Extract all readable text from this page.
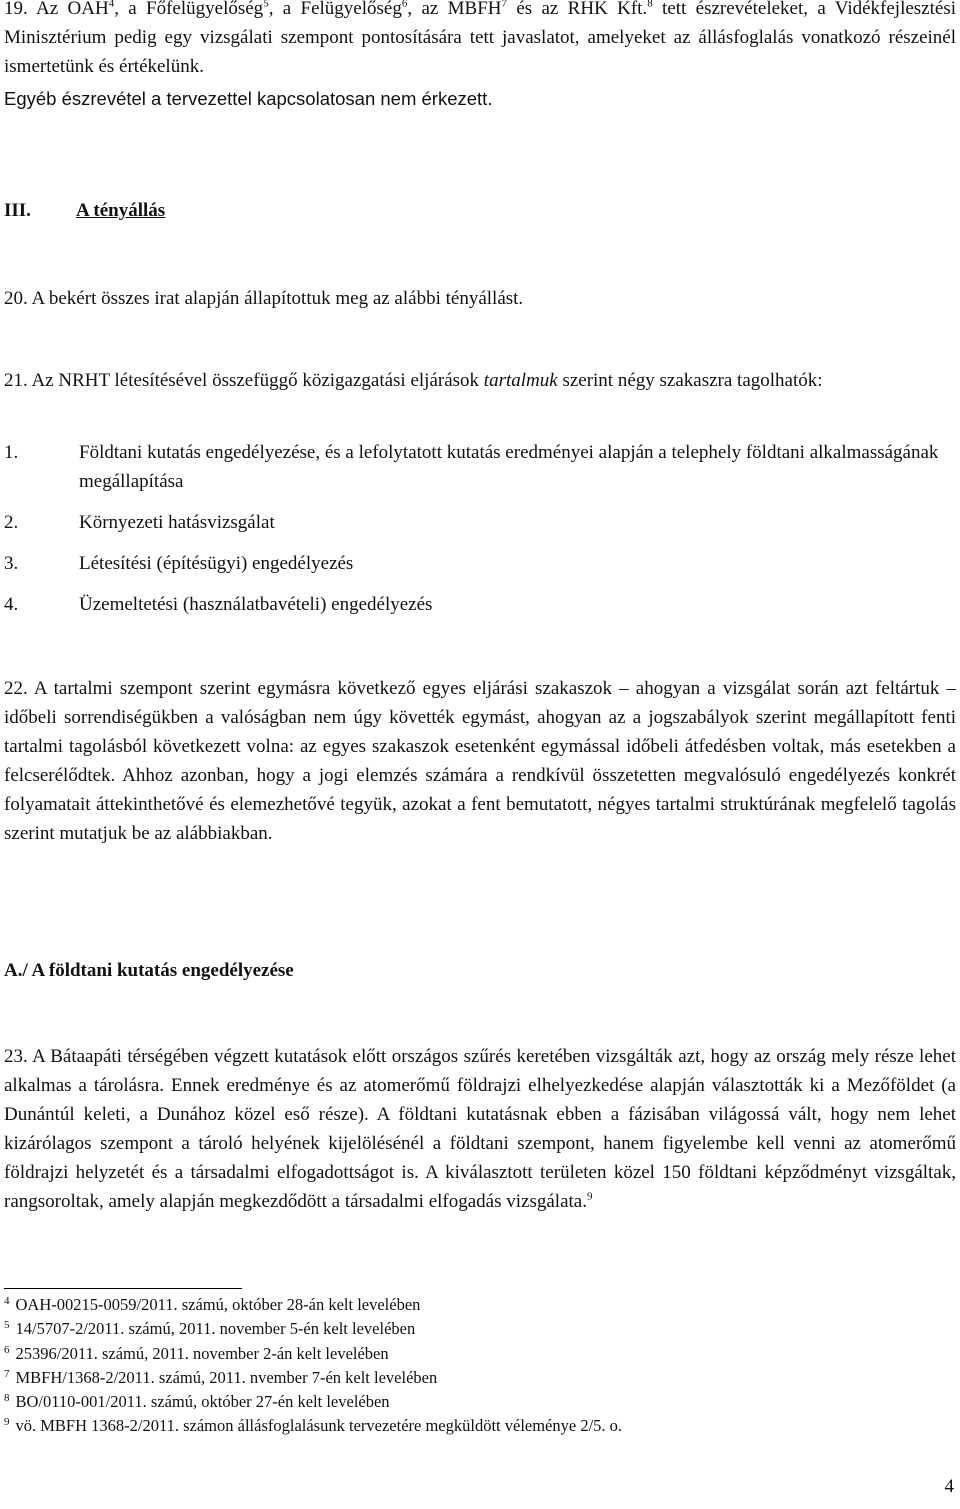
19. Az OAH$^4$, a Főfelügyelőség$^5$, a Felügyelőség$^6$, az MBFH$^7$ és az RHK Kft.$^8$ tett észrevételeket, a Vidékfejlesztési Minisztérium pedig egy vizsgálati szempont pontosítására tett javaslatot, amelyeket az állásfoglalás vonatkozó részeinél ismertetünk és értékelünk.

Egyéb észrevétel a tervezettel kapcsolatosan nem érkezett.

III. A tényállás

20. A bekért összes irat alapján állapítottuk meg az alábbi tényállást.

21. Az NRHT létesítésével összefüggő közigazgatási eljárások tartalmuk szerint négy szakaszra tagolhatók:

1.	Földtani kutatás engedélyezése, és a lefolytatott kutatás eredményei alapján a telephely földtani alkalmasságának megállapítása
2.	Környezeti hatásvizsgálat
3.	Létesítési (építésügyi) engedélyezés
4.	Üzemeltetési (használatbavételi) engedélyezés

22. A tartalmi szempont szerint egymásra következő egyes eljárási szakaszok – ahogyan a vizsgálat során azt feltártuk – időbeli sorrendiségükben a valóságban nem úgy követték egymást, ahogyan az a jogszabályok szerint megállapított fenti tartalmi tagolásból következett volna: az egyes szakaszok esetenként egymással időbeli átfedésben voltak, más esetekben a felcserélődtek. Ahhoz azonban, hogy a jogi elemzés számára a rendkívül összetetten megvalósuló engedélyezés konkrét folyamatait áttekinthetővé és elemezhetővé tegyük, azokat a fent bemutatott, négyes tartalmi struktúrának megfelelő tagolás szerint mutatjuk be az alábbiakban.

A./ A földtani kutatás engedélyezése

23. A Bátaapáti térségében végzett kutatások előtt országos szűrés keretében vizsgálták azt, hogy az ország mely része lehet alkalmas a tárolásra. Ennek eredménye és az atomerőmű földrajzi elhelyezkedése alapján választották ki a Mezőföldet (a Dunántúl keleti, a Dunához közel eső része). A földtani kutatásnak ebben a fázisában világossá vált, hogy nem lehet kizárólagos szempont a tároló helyének kijelölésénél a földtani szempont, hanem figyelembe kell venni az atomerőmű földrajzi helyzetét és a társadalmi elfogadottságot is. A kiválasztott területen közel 150 földtani képződményt vizsgáltak, rangsoroltak, amely alapján megkezdődött a társadalmi elfogadás vizsgálata.$^9$

$^4$ OAH-00215-0059/2011. számú, október 28-án kelt levelében

$^5$ 14/5707-2/2011. számú, 2011. november 5-én kelt levelében

$^6$ 25396/2011. számú, 2011. november 2-án kelt levelében

$^7$ MBFH/1368-2/2011. számú, 2011. nvember 7-én kelt levelében

$^8$ BO/0110-001/2011. számú, október 27-én kelt levelében

$^9$ vö. MBFH 1368-2/2011. számon állásfoglalásunk tervezetére megküldött véleménye 2/5. o.

4
